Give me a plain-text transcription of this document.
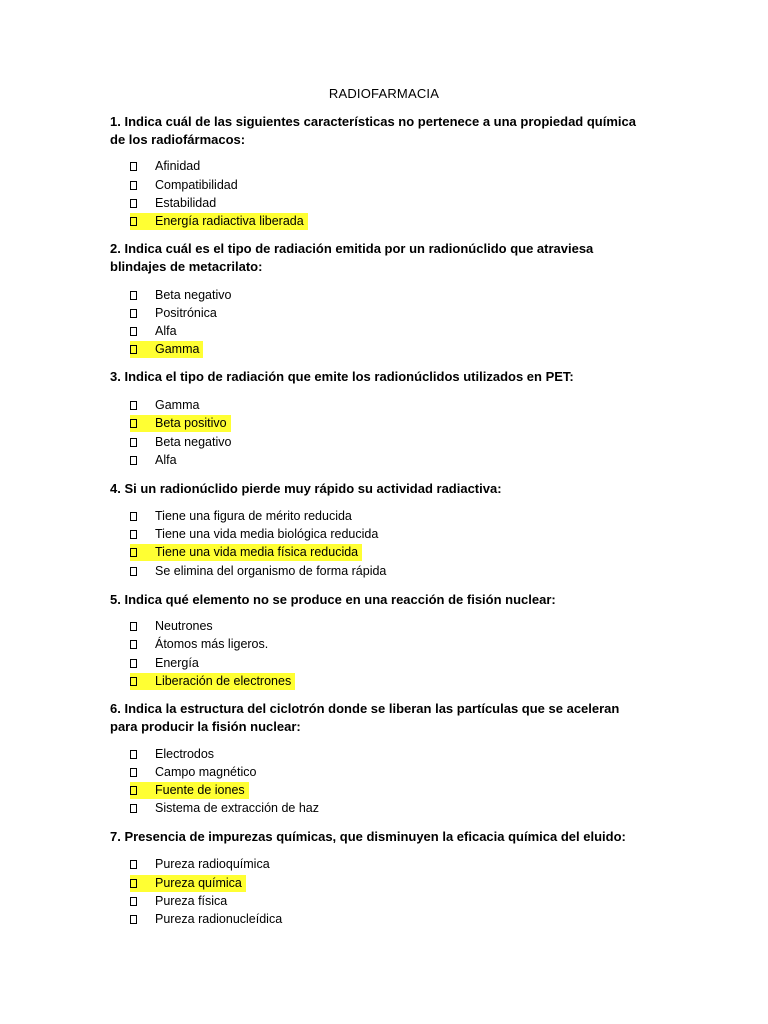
RADIOFARMACIA
1. Indica cuál de las siguientes características no pertenece a una propiedad química de los radiofármacos:
Afinidad
Compatibilidad
Estabilidad
Energía radiactiva liberada
2. Indica cuál es el tipo de radiación emitida por un radionúclido que atraviesa blindajes de metacrilato:
Beta negativo
Positrónica
Alfa
Gamma
3. Indica el tipo de radiación que emite los radionúclidos utilizados en PET:
Gamma
Beta positivo
Beta negativo
Alfa
4. Si un radionúclido pierde muy rápido su actividad radiactiva:
Tiene una figura de mérito reducida
Tiene una vida media biológica reducida
Tiene una vida media física reducida
Se elimina del organismo de forma rápida
5. Indica qué elemento no se produce en una reacción de fisión nuclear:
Neutrones
Átomos más ligeros.
Energía
Liberación de electrones
6. Indica la estructura del ciclotrón donde se liberan las partículas que se aceleran para producir la fisión nuclear:
Electrodos
Campo magnético
Fuente de iones
Sistema de extracción de haz
7. Presencia de impurezas químicas, que disminuyen la eficacia química del eluido:
Pureza radioquímica
Pureza química
Pureza física
Pureza radionucleídica
